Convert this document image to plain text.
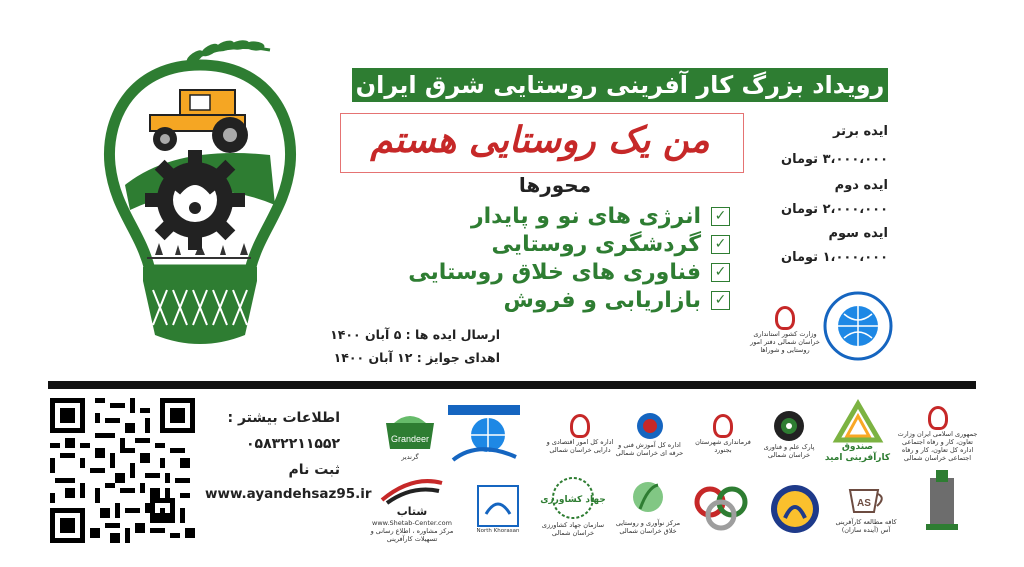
رویداد بزرگ کار آفرینی روستایی شرق ایران
من یک روستایی هستم
محورها
✓
انرژی های نو و پایدار
✓
گردشگری روستایی
✓
فناوری های خلاق روستایی
✓
بازاریابی و فروش
ایده برتر
۳،۰۰۰،۰۰۰ تومان
ایده دوم
۲،۰۰۰،۰۰۰ تومان
ایده سوم
۱،۰۰۰،۰۰۰ تومان
ارسال ایده ها : ۵ آبان ۱۴۰۰
اهدای جوایز : ۱۲ آبان ۱۴۰۰
وزارت کشور استانداری خراسان شمالی دفتر امور روستایی و شوراها
اطلاعات بیشتر :
۰۵۸۳۲۲۱۱۵۵۲
ثبت نام
www.ayandehsaz95.ir
Grandeer
گرندیر
اداره کل امور اقتصادی و دارایی خراسان شمالی
اداره کل آموزش فنی و حرفه ای خراسان شمالی
فرمانداری شهرستان بجنورد	پارک علم و فناوری خراسان شمالی
صندوق کارآفرینی امید
جمهوری اسلامی ایران وزارت تعاون، کار و رفاه اجتماعی اداره کل تعاون، کار و رفاه اجتماعی خراسان شمالی
شتاب
www.Shetab-Center.com
مرکز مشاوره ، اطلاع رسانی و تسهیلات کارآفرینی
North Khorasan
جهاد کشاورزی
سازمان جهاد کشاورزی خراسان شمالی
مرکز نوآوری و روستایی خلاق خراسان شمالی
AS
کافه مطالعه کارآفرینی آس (آینده سازان)
